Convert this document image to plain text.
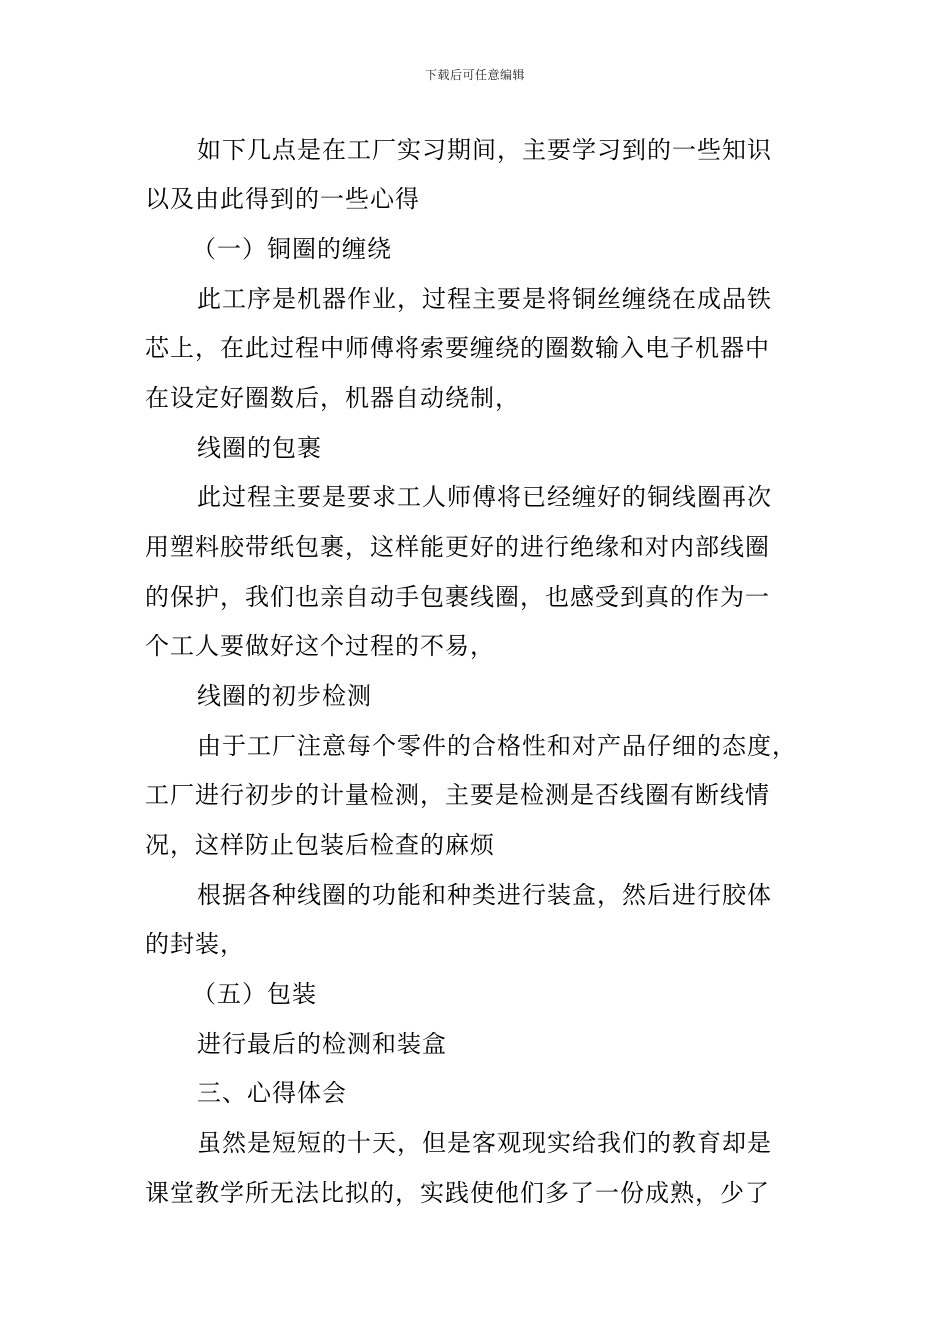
下载后可任意编辑
如下几点是在工厂实习期间，主要学习到的一些知识
以及由此得到的一些心得
（一）铜圈的缠绕
此工序是机器作业，过程主要是将铜丝缠绕在成品铁
芯上，在此过程中师傅将索要缠绕的圈数输入电子机器中
在设定好圈数后，机器自动绕制，
线圈的包裹
此过程主要是要求工人师傅将已经缠好的铜线圈再次
用塑料胶带纸包裹，这样能更好的进行绝缘和对内部线圈
的保护，我们也亲自动手包裹线圈，也感受到真的作为一
个工人要做好这个过程的不易，
线圈的初步检测
由于工厂注意每个零件的合格性和对产品仔细的态度，
工厂进行初步的计量检测，主要是检测是否线圈有断线情
况，这样防止包装后检查的麻烦
根据各种线圈的功能和种类进行装盒，然后进行胶体
的封装，
（五）包装
进行最后的检测和装盒
三、心得体会
虽然是短短的十天，但是客观现实给我们的教育却是
课堂教学所无法比拟的，实践使他们多了一份成熟，少了
